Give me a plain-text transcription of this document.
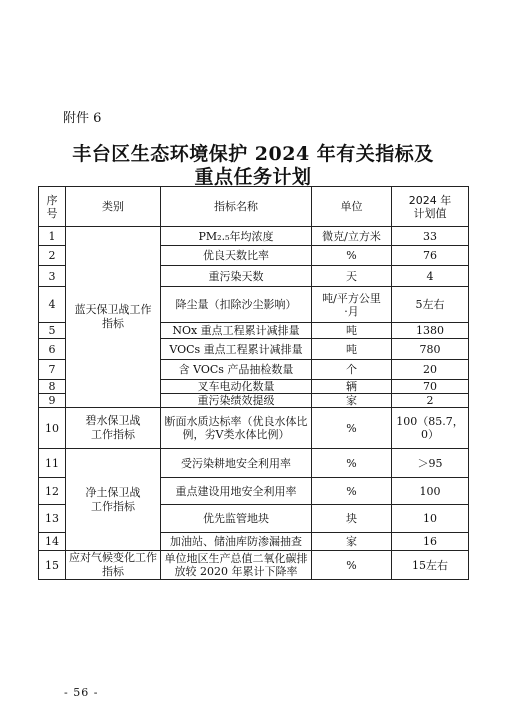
附件 6
丰台区生态环境保护 2024 年有关指标及
重点任务计划
序号	类别	指标名称	单位	2024 年计划值
1	蓝天保卫战工作指标	PM₂.₅年均浓度	微克/立方米	33
2		优良天数比率	%	76
3		重污染天数	天	4
4		降尘量（扣除沙尘影响）	吨/平方公里·月	5左右
5		NOx 重点工程累计减排量	吨	1380
6		VOCs 重点工程累计减排量	吨	780
7		含 VOCs 产品抽检数量	个	20
8		叉车电动化数量	辆	70
9		重污染绩效提级	家	2
10	碧水保卫战工作指标	断面水质达标率（优良水体比例，劣Ⅴ类水体比例）	%	100（85.7，0）
11	净土保卫战工作指标	受污染耕地安全利用率	%	＞95
12		重点建设用地安全利用率	%	100
13		优先监管地块	块	10
14		加油站、储油库防渗漏抽查	家	16
15	应对气候变化工作指标	单位地区生产总值二氧化碳排放较 2020 年累计下降率	%	15左右
- 56 -
